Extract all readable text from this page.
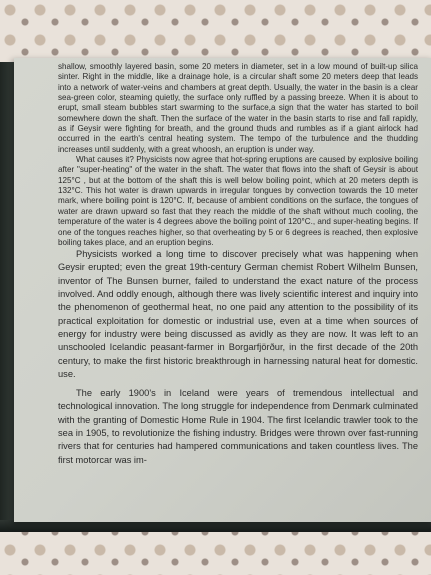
shallow, smoothly layered basin, some 20 meters in diameter, set in a low mound of built-up silica sinter. Right in the middle, like a drainage hole, is a circular shaft some 20 meters deep that leads into a network of water-veins and chambers at great depth. Usually, the water in the basin is a clear sea-green color, steaming quietly, the surface only ruffled by a passing breeze. When it is about to erupt, small steam bubbles start swarming to the surface,a sign that the water has started to boil somewhere down the shaft. Then the surface of the water in the basin starts to rise and fall rapidly, as if Geysir were fighting for breath, and the ground thuds and rumbles as if a giant airlock had occurred in the earth's central heating system. The tempo of the turbulence and the thudding increases until suddenly, with a great whoosh, an eruption is under way.

What causes it? Physicists now agree that hot-spring eruptions are caused by explosive boiling after "super-heating" of the water in the shaft. The water that flows into the shaft of Geysir is about 125°C , but at the bottom of the shaft this is well below boiling point, which at 20 meters depth is 132°C. This hot water is drawn upwards in irregular tongues by convection towards the 10 meter mark, where boiling point is 120°C. If, because of ambient conditions on the surface, the tongues of water are drawn upward so fast that they reach the middle of the shaft without much cooling, the temperature of the water is 4 degrees above the boiling point of 120°C., and super-heating begins. If one of the tongues reaches higher, so that overheating by 5 or 6 degrees is reached, then explosive boiling takes place, and an eruption begins.

Physicists worked a long time to discover precisely what was happening when Geysir erupted; even the great 19th-century German chemist Robert Wilhelm Bunsen, inventor of The Bunsen burner, failed to understand the exact nature of the process involved. And oddly enough, although there was lively scientific interest and inquiry into the phenomenon of geothermal heat, no one paid any attention to the possibility of its practical exploitation for domestic or industrial use, even at a time when sources of energy for industry were being discussed as avidly as they are now. It was left to an unschooled Icelandic peasant-farmer in Borgarfjörður, in the first decade of the 20th century, to make the first historic breakthrough in harnessing natural heat for domestic. use.

The early 1900's in Iceland were years of tremendous intellectual and technological innovation. The long struggle for independence from Denmark culminated with the granting of Domestic Home Rule in 1904. The first Icelandic trawler took to the sea in 1905, to revolutionize the fishing industry. Bridges were thrown over fast-running rivers that for centuries had hampered communications and taken countless lives. The first motorcar was im-
